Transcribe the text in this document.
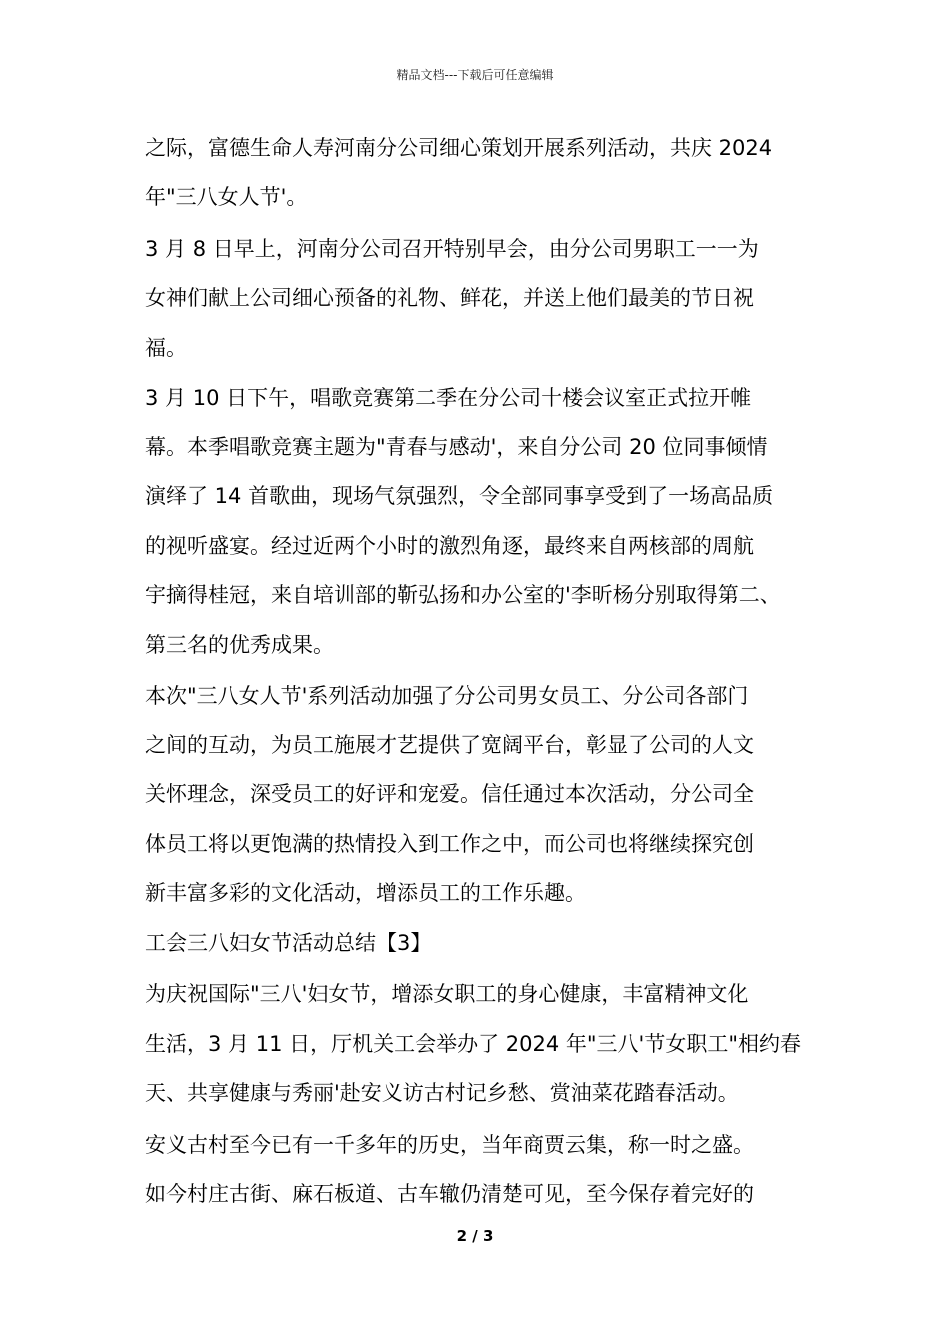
精品文档---下载后可任意编辑
之际，富德生命人寿河南分公司细心策划开展系列活动，共庆 2024
年"三八女人节'。
3 月 8 日早上，河南分公司召开特别早会，由分公司男职工一一为
女神们献上公司细心预备的礼物、鲜花，并送上他们最美的节日祝
福。
3 月 10 日下午，唱歌竞赛第二季在分公司十楼会议室正式拉开帷
幕。本季唱歌竞赛主题为"青春与感动'，来自分公司 20 位同事倾情
演绎了 14 首歌曲，现场气氛强烈，令全部同事享受到了一场高品质
的视听盛宴。经过近两个小时的激烈角逐，最终来自两核部的周航
宇摘得桂冠，来自培训部的靳弘扬和办公室的'李昕杨分别取得第二、
第三名的优秀成果。
本次"三八女人节'系列活动加强了分公司男女员工、分公司各部门
之间的互动，为员工施展才艺提供了宽阔平台，彰显了公司的人文
关怀理念，深受员工的好评和宠爱。信任通过本次活动，分公司全
体员工将以更饱满的热情投入到工作之中，而公司也将继续探究创
新丰富多彩的文化活动，增添员工的工作乐趣。
工会三八妇女节活动总结【3】
为庆祝国际"三八'妇女节，增添女职工的身心健康，丰富精神文化
生活，3 月 11 日，厅机关工会举办了 2024 年"三八'节女职工"相约春
天、共享健康与秀丽'赴安义访古村记乡愁、赏油菜花踏春活动。
安义古村至今已有一千多年的历史，当年商贾云集，称一时之盛。
如今村庄古街、麻石板道、古车辙仍清楚可见，至今保存着完好的
2 / 3
